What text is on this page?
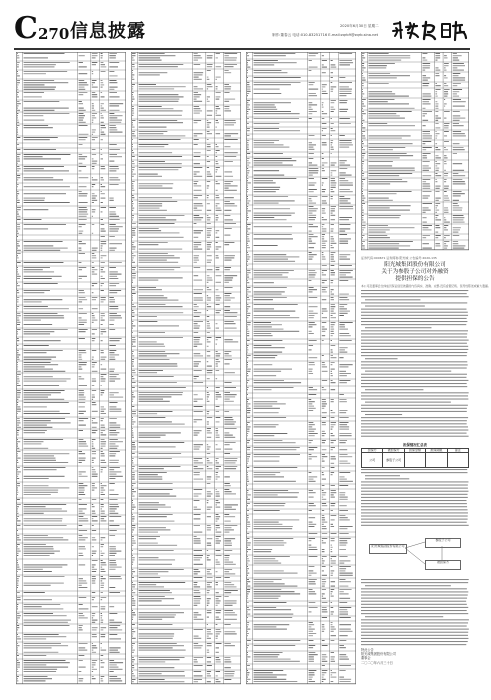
C 270 信息披露	2020年6月30日 星期二
制作:董春云 电话:010-83251716 E-mail:zqrb9@zqrb.sina.net
证券代码:000671 证券简称:阳光城 公告编号:2020-135
阳光城集团股份有限公司
关于为参股子公司对外融资
提供担保的公告
本公司及董事会全体成员保证信息披露的内容真实、准确、完整,没有虚假记载、误导性陈述或重大遗漏。
担保情况汇总表
担保方	被担保方	担保金额	担保期限	备注
公司	参股子公司			
阳光城集团股份有限公司
参股子公司
被担保方
特此公告
阳光城集团股份有限公司
董事会
二〇二〇年六月三十日
